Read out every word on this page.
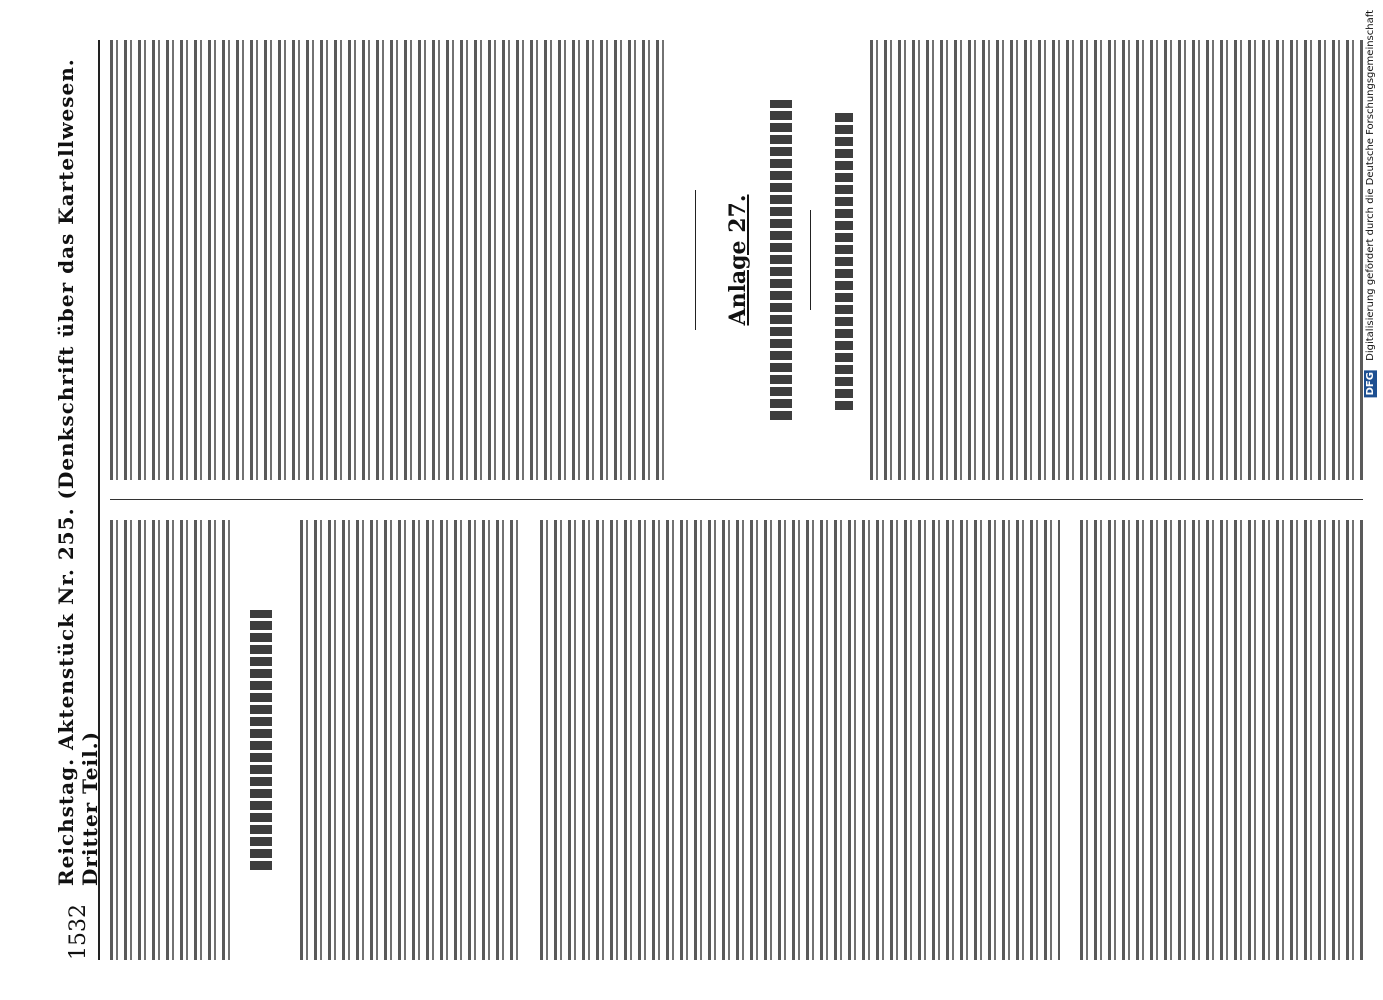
1532
Reichstag. Aktenstück Nr. 255. (Denkschrift über das Kartellwesen. Dritter Teil.)
Anlage 27.
DFG Digitalisierung gefördert durch die Deutsche Forschungsgemeinschaft
